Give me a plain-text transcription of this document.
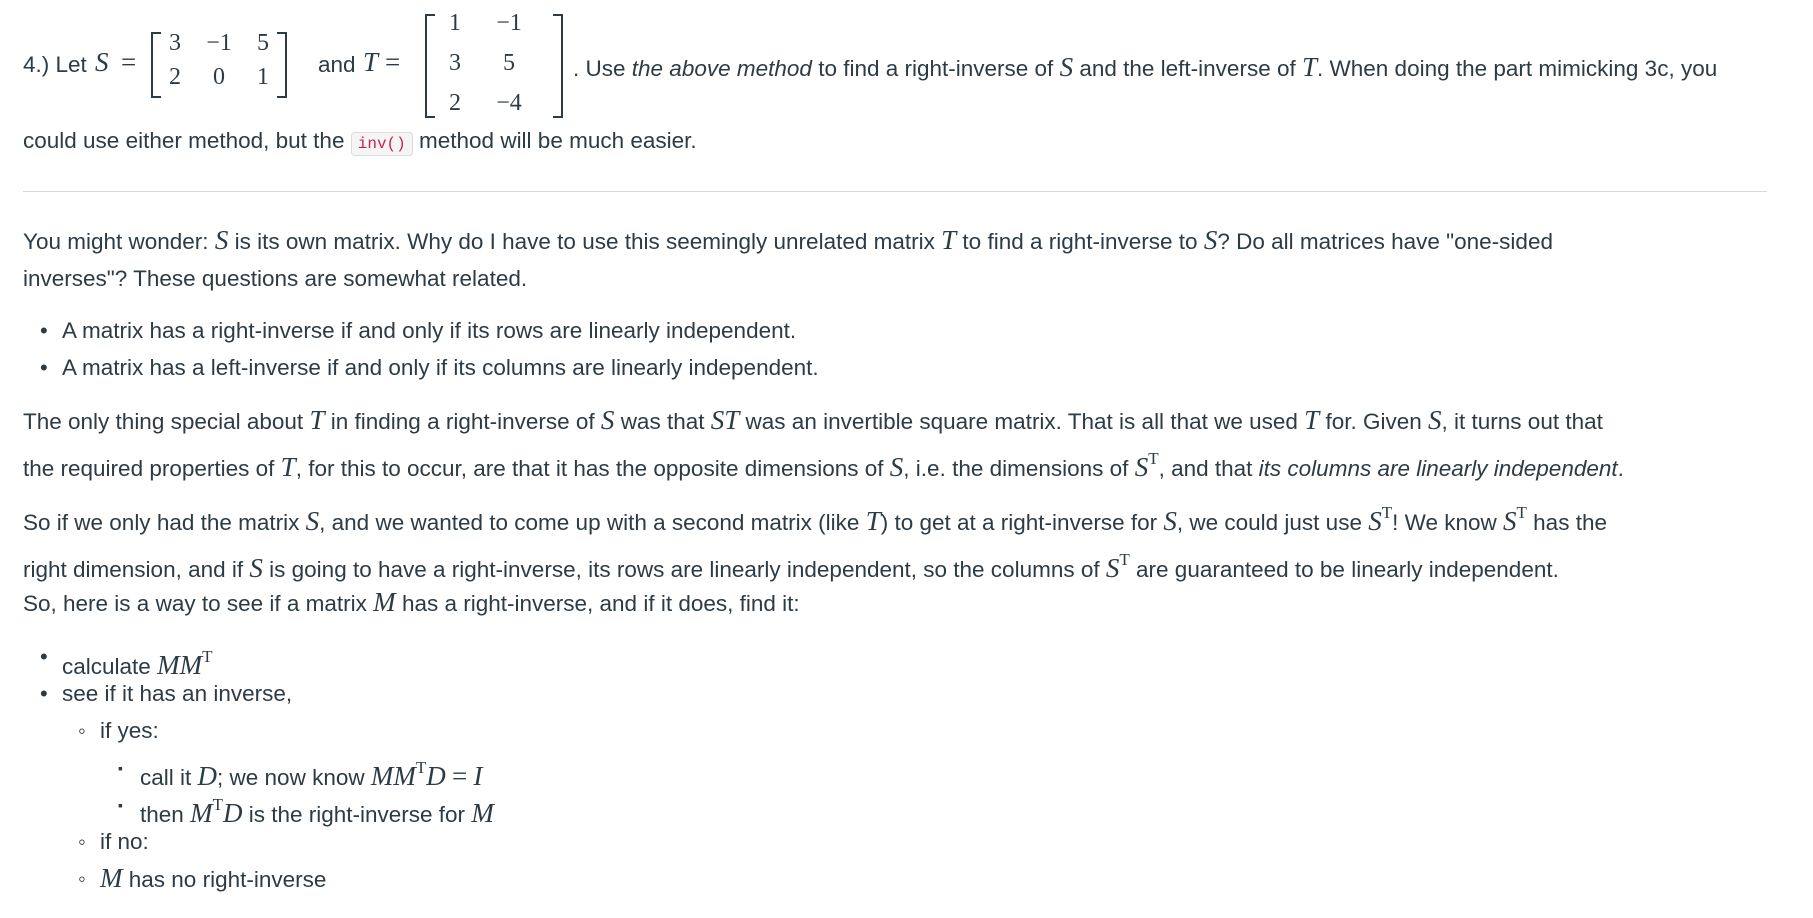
4.) Let S =
3	−1	5
2	0	1	and T =
1	−1
3	5
2	−4
. Use the above method to find a right-inverse of S and the left-inverse of T. When doing the part mimicking 3c, you
could use either method, but the inv() method will be much easier.

You might wonder: S is its own matrix. Why do I have to use this seemingly unrelated matrix T to find a right-inverse to S? Do all matrices have "one-sided
inverses"? These questions are somewhat related.

• A matrix has a right-inverse if and only if its rows are linearly independent.
• A matrix has a left-inverse if and only if its columns are linearly independent.

The only thing special about T in finding a right-inverse of S was that ST was an invertible square matrix. That is all that we used T for. Given S, it turns out that
the required properties of T, for this to occur, are that it has the opposite dimensions of S, i.e. the dimensions of $S^T$, and that its columns are linearly independent.

So if we only had the matrix S, and we wanted to come up with a second matrix (like T) to get at a right-inverse for S, we could just use $S^T$! We know $S^T$ has the
right dimension, and if S is going to have a right-inverse, its rows are linearly independent, so the columns of $S^T$ are guaranteed to be linearly independent.

So, here is a way to see if a matrix M has a right-inverse, and if it does, find it:

• calculate $MM^T$
• see if it has an inverse,
◦ if yes:
▪ call it D; we now know $MM^TD = I$
▪ then $M^TD$ is the right-inverse for M
◦ if no:
◦ M has no right-inverse
